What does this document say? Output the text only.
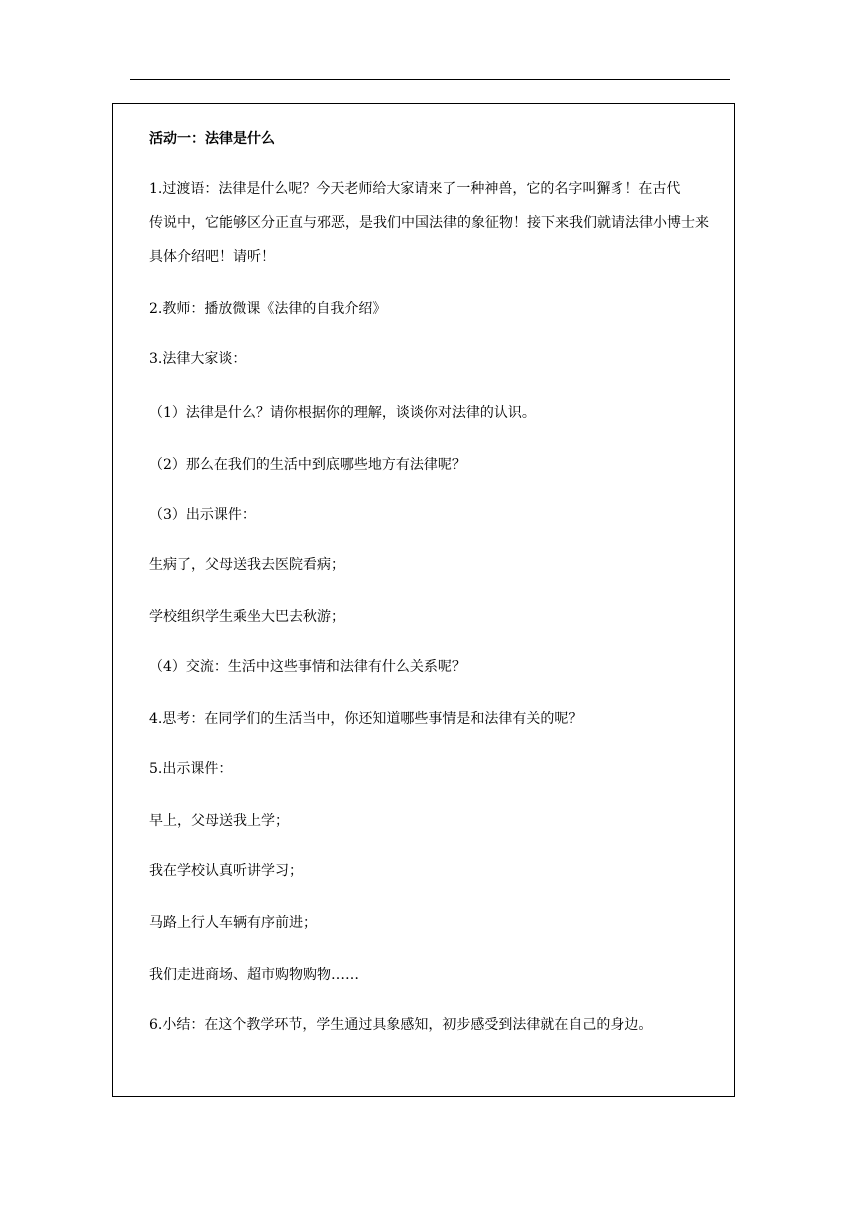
活动一：法律是什么
1.过渡语：法律是什么呢？今天老师给大家请来了一种神兽，它的名字叫獬豸！在古代
传说中，它能够区分正直与邪恶，是我们中国法律的象征物！接下来我们就请法律小博士来
具体介绍吧！请听！
2.教师：播放微课《法律的自我介绍》
3.法律大家谈：
（1）法律是什么？请你根据你的理解，谈谈你对法律的认识。
（2）那么在我们的生活中到底哪些地方有法律呢？
（3）出示课件：
生病了，父母送我去医院看病；
学校组织学生乘坐大巴去秋游；
（4）交流：生活中这些事情和法律有什么关系呢？
4.思考：在同学们的生活当中，你还知道哪些事情是和法律有关的呢？
5.出示课件：
早上，父母送我上学；
我在学校认真听讲学习；
马路上行人车辆有序前进；
我们走进商场、超市购物购物……
6.小结：在这个教学环节，学生通过具象感知，初步感受到法律就在自己的身边。
